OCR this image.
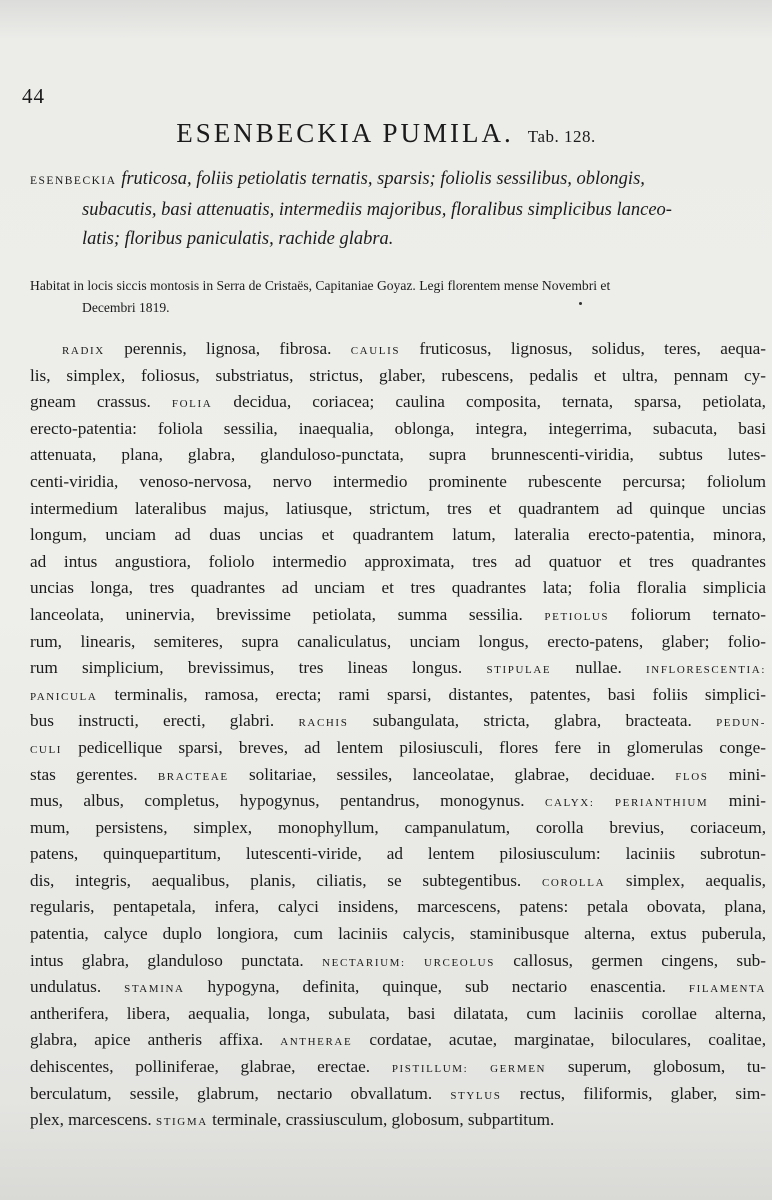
44
ESENBECKIA PUMILA. Tab. 128.
ESENBECKIA fruticosa, foliis petiolatis ternatis, sparsis; foliolis sessilibus, oblongis,
subacutis, basi attenuatis, intermediis majoribus, floralibus simplicibus lanceo-
latis; floribus paniculatis, rachide glabra.
Habitat in locis siccis montosis in Serra de Cristaës, Capitaniae Goyaz. Legi florentem mense Novembri et
Decembri 1819.
RADIX perennis, lignosa, fibrosa. CAULIS fruticosus, lignosus, solidus, teres, aequa-
lis, simplex, foliosus, substriatus, strictus, glaber, rubescens, pedalis et ultra, pennam cy-
gneam crassus. FOLIA decidua, coriacea; caulina composita, ternata, sparsa, petiolata,
erecto-patentia: foliola sessilia, inaequalia, oblonga, integra, integerrima, subacuta, basi
attenuata, plana, glabra, glanduloso-punctata, supra brunnescenti-viridia, subtus lutes-
centi-viridia, venoso-nervosa, nervo intermedio prominente rubescente percursa; foliolum
intermedium lateralibus majus, latiusque, strictum, tres et quadrantem ad quinque uncias
longum, unciam ad duas uncias et quadrantem latum, lateralia erecto-patentia, minora,
ad intus angustiora, foliolo intermedio approximata, tres ad quatuor et tres quadrantes
uncias longa, tres quadrantes ad unciam et tres quadrantes lata; folia floralia simplicia
lanceolata, uninervia, brevissime petiolata, summa sessilia. PETIOLUS foliorum ternato-
rum, linearis, semiteres, supra canaliculatus, unciam longus, erecto-patens, glaber; folio-
rum simplicium, brevissimus, tres lineas longus. STIPULAE nullae. INFLORESCENTIA:
PANICULA terminalis, ramosa, erecta; rami sparsi, distantes, patentes, basi foliis simplici-
bus instructi, erecti, glabri. RACHIS subangulata, stricta, glabra, bracteata. PEDUN-
CULI pedicellique sparsi, breves, ad lentem pilosiusculi, flores fere in glomerulas conge-
stas gerentes. BRACTEAE solitariae, sessiles, lanceolatae, glabrae, deciduae. FLOS mini-
mus, albus, completus, hypogynus, pentandrus, monogynus. CALYX: PERIANTHIUM mini-
mum, persistens, simplex, monophyllum, campanulatum, corolla brevius, coriaceum,
patens, quinquepartitum, lutescenti-viride, ad lentem pilosiusculum: laciniis subrotun-
dis, integris, aequalibus, planis, ciliatis, se subtegentibus. COROLLA simplex, aequalis,
regularis, pentapetala, infera, calyci insidens, marcescens, patens: petala obovata, plana,
patentia, calyce duplo longiora, cum laciniis calycis, staminibusque alterna, extus puberula,
intus glabra, glanduloso punctata. NECTARIUM: URCEOLUS callosus, germen cingens, sub-
undulatus. STAMINA hypogyna, definita, quinque, sub nectario enascentia. FILAMENTA
antherifera, libera, aequalia, longa, subulata, basi dilatata, cum laciniis corollae alterna,
glabra, apice antheris affixa. ANTHERAE cordatae, acutae, marginatae, biloculares, coalitae,
dehiscentes, polliniferae, glabrae, erectae. PISTILLUM: GERMEN superum, globosum, tu-
berculatum, sessile, glabrum, nectario obvallatum. STYLUS rectus, filiformis, glaber, sim-
plex, marcescens. STIGMA terminale, crassiusculum, globosum, subpartitum.
